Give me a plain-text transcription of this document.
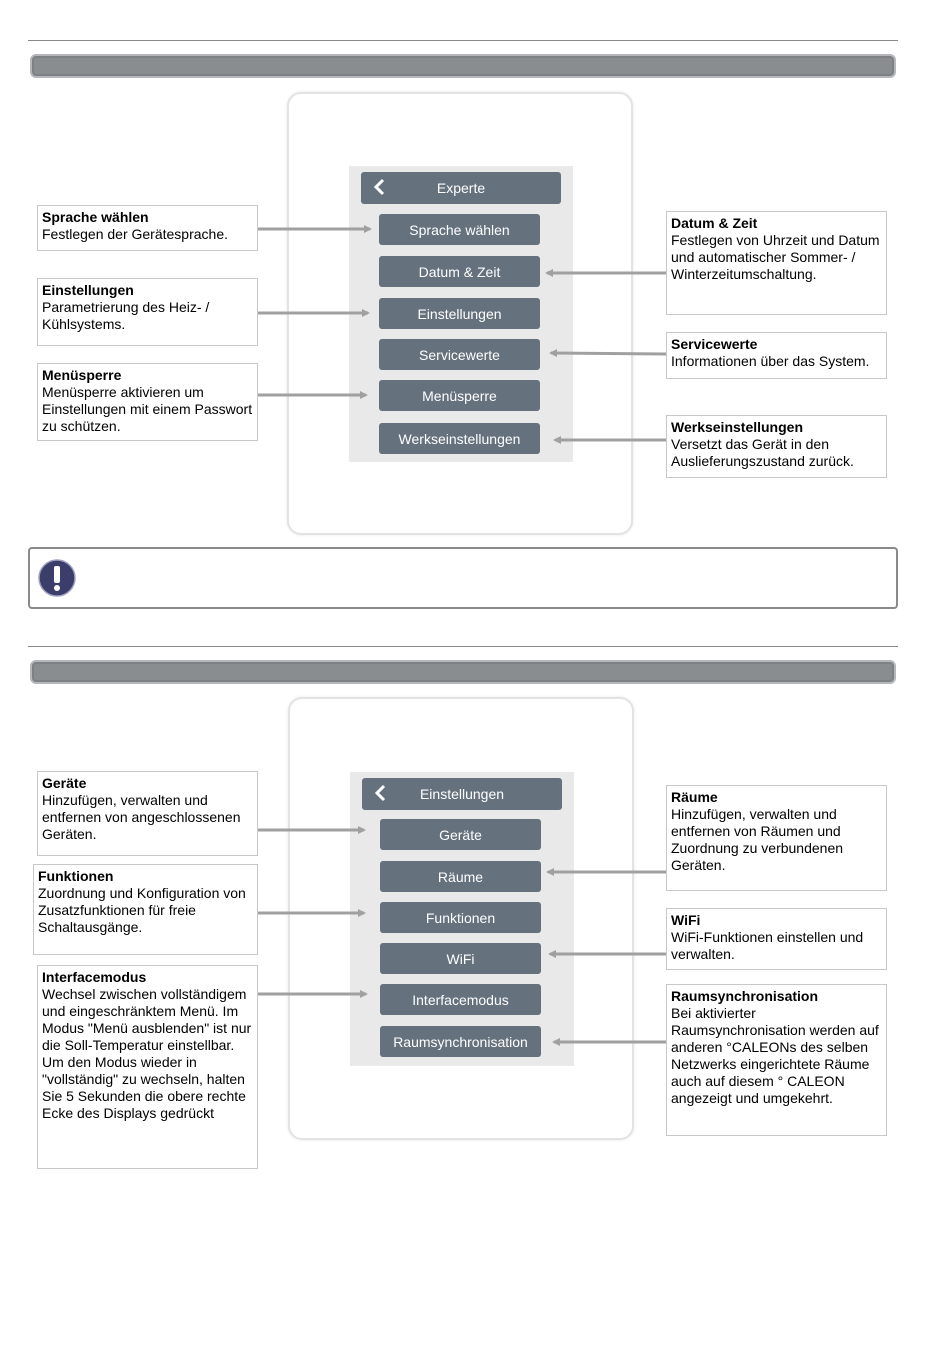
Experte
Sprache wählen
Datum & Zeit
Einstellungen
Servicewerte
Menüsperre
Werkseinstellungen
Sprache wählen
Festlegen der Gerätesprache.
Einstellungen
Parametrierung des Heiz- / Kühlsystems.
Menüsperre
Menüsperre aktivieren um Einstellungen mit einem Passwort zu schützen.
Datum & Zeit
Festlegen von Uhrzeit und Datum und automatischer Sommer- / Winterzeitumschaltung.
Servicewerte
Informationen über das System.
Werkseinstellungen
Versetzt das Gerät in den Auslieferungszustand zurück.
Einstellungen
Geräte
Räume
Funktionen
WiFi
Interfacemodus
Raumsynchronisation
Geräte
Hinzufügen, verwalten und entfernen von angeschlossenen Geräten.
Funktionen
Zuordnung und Konfiguration von Zusatzfunktionen für freie Schaltausgänge.
Interfacemodus
Wechsel zwischen vollständigem und eingeschränktem Menü. Im Modus "Menü ausblenden" ist nur die Soll-Temperatur einstellbar. Um den Modus wieder in "vollständig" zu wechseln, halten Sie 5 Sekunden die obere rechte Ecke des Displays gedrückt
Räume
Hinzufügen, verwalten und entfernen von Räumen und Zuordnung zu verbundenen Geräten.
WiFi
WiFi-Funktionen einstellen und verwalten.
Raumsynchronisation
Bei aktivierter Raumsynchronisation werden auf anderen °CALEONs des selben Netzwerks eingerichtete Räume auch auf diesem ° CALEON angezeigt und umgekehrt.
